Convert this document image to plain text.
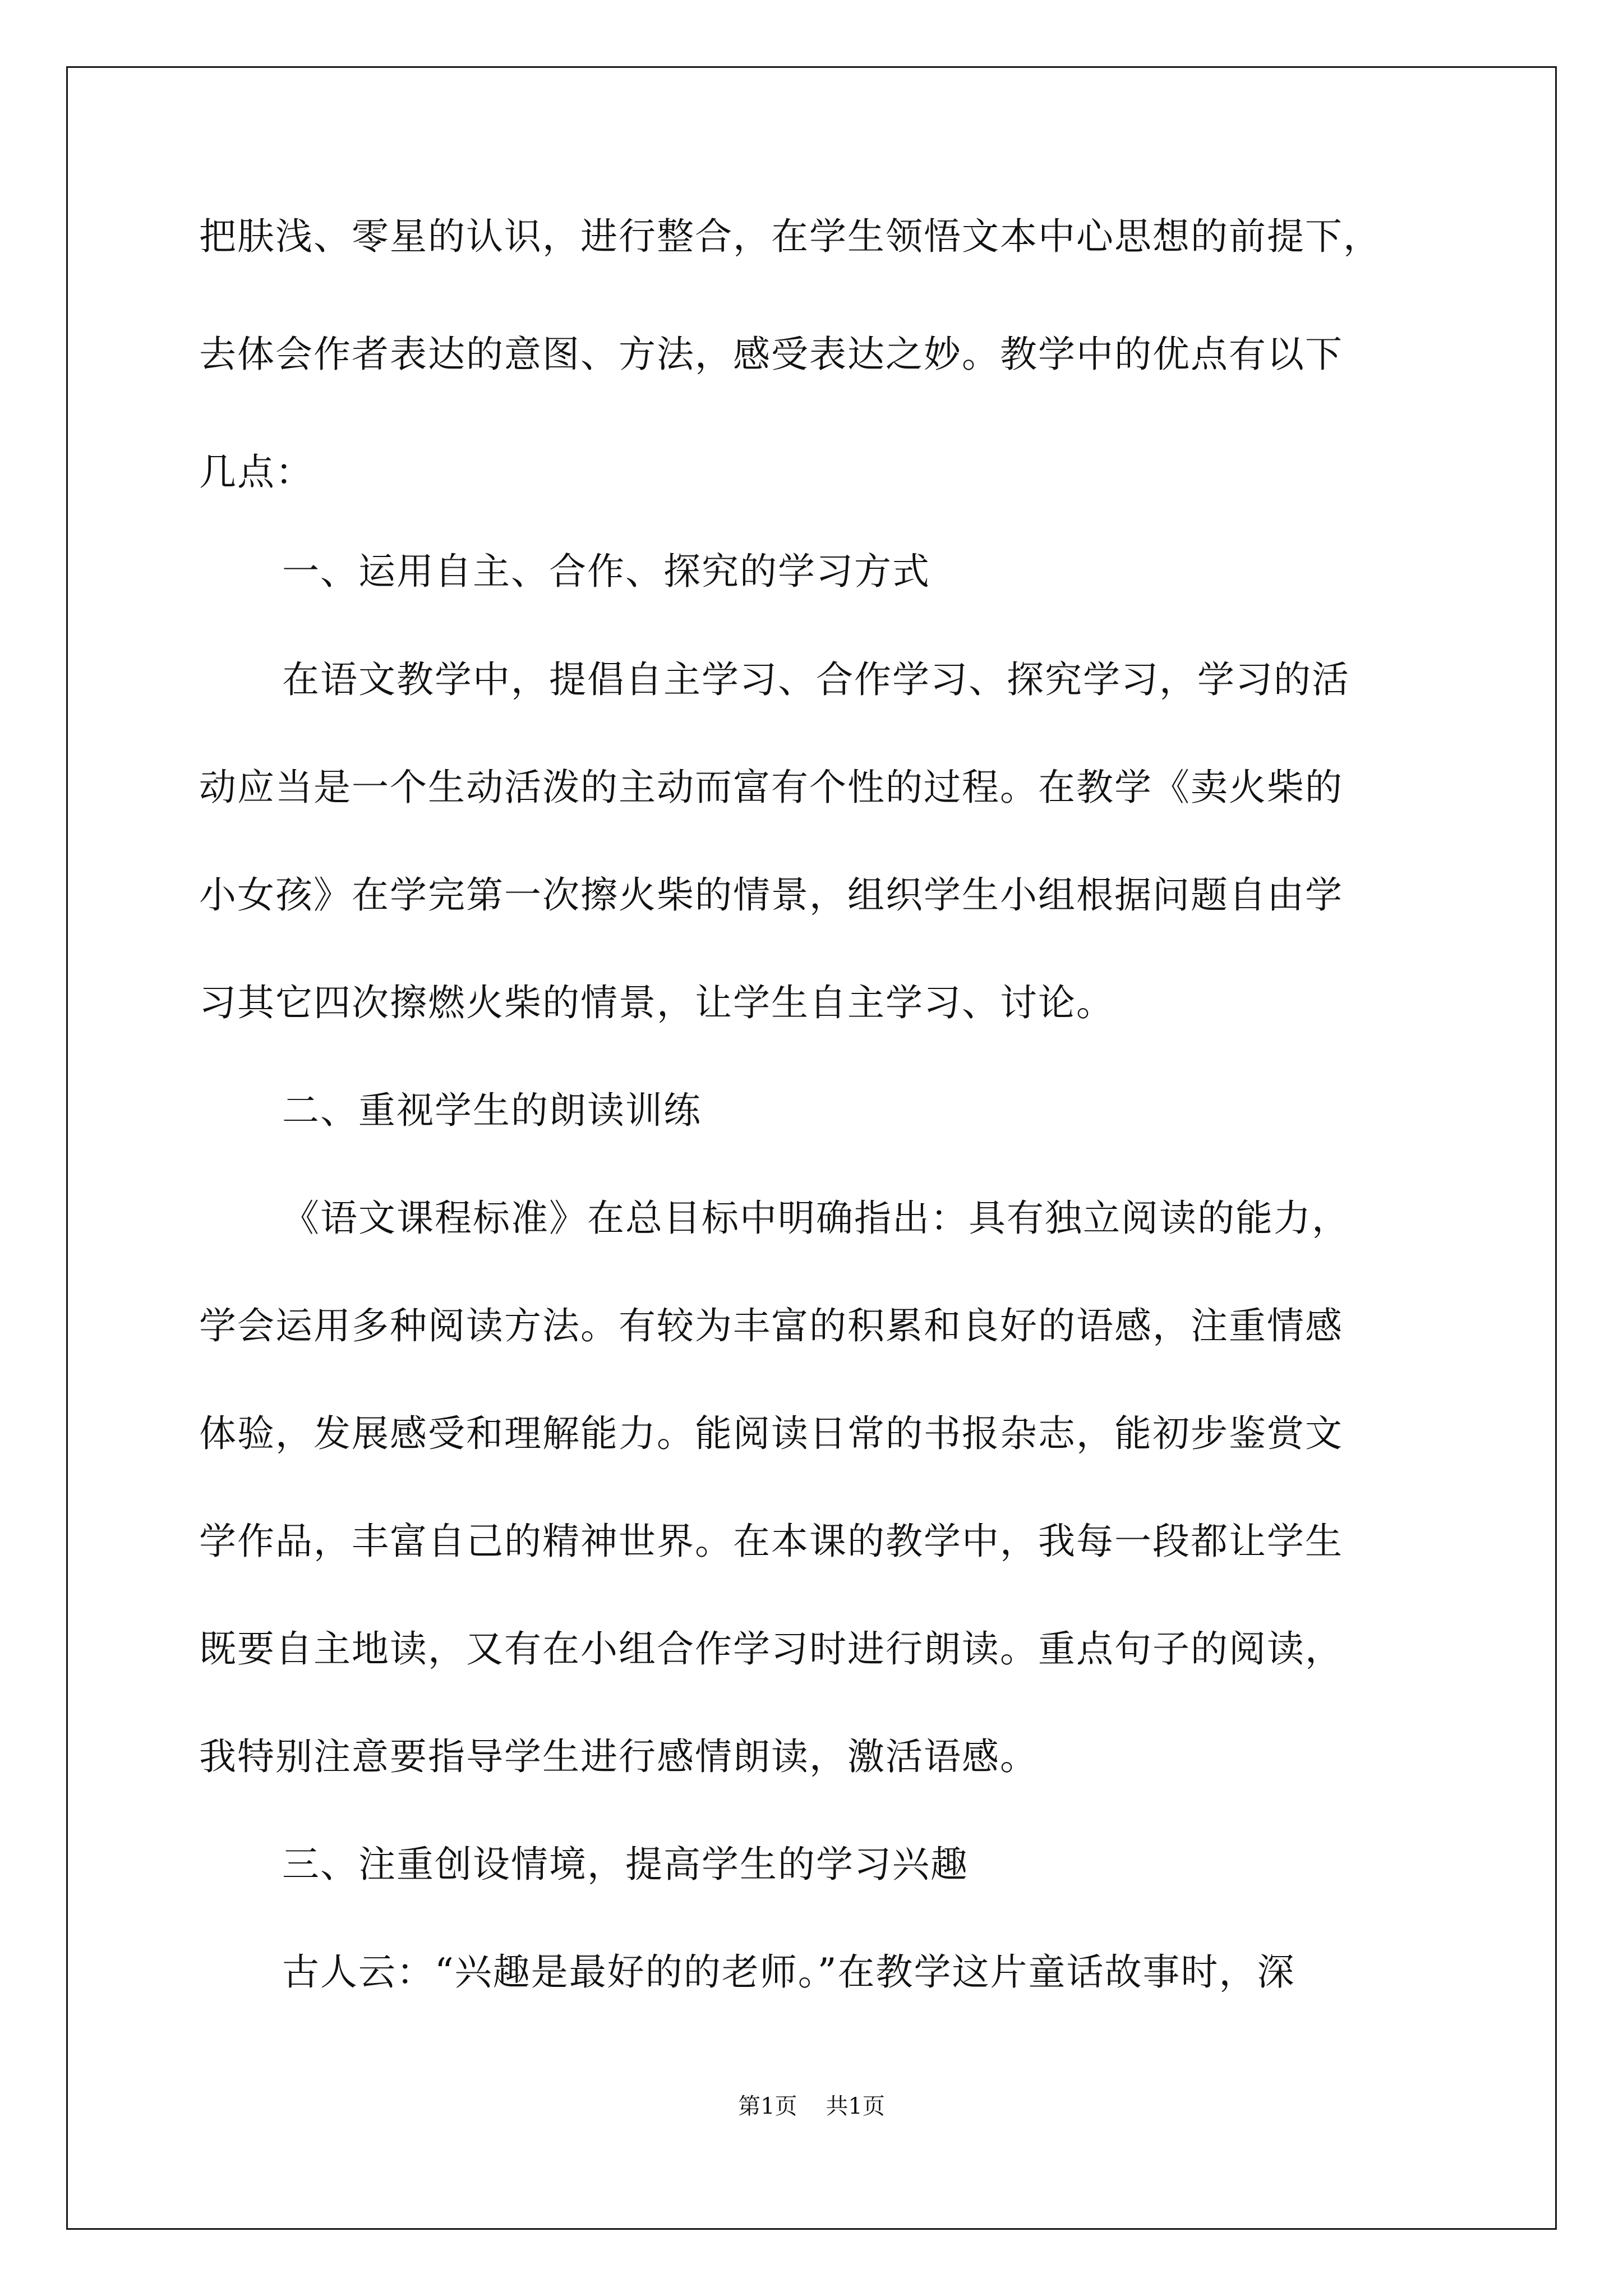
把肤浅、零星的认识，进行整合，在学生领悟文本中心思想的前提下，
去体会作者表达的意图、方法，感受表达之妙。教学中的优点有以下
几点：
一、运用自主、合作、探究的学习方式
在语文教学中，提倡自主学习、合作学习、探究学习，学习的活
动应当是一个生动活泼的主动而富有个性的过程。在教学《卖火柴的
小女孩》在学完第一次擦火柴的情景，组织学生小组根据问题自由学
习其它四次擦燃火柴的情景，让学生自主学习、讨论。
二、重视学生的朗读训练
《语文课程标准》在总目标中明确指出：具有独立阅读的能力，
学会运用多种阅读方法。有较为丰富的积累和良好的语感，注重情感
体验，发展感受和理解能力。能阅读日常的书报杂志，能初步鉴赏文
学作品，丰富自己的精神世界。在本课的教学中，我每一段都让学生
既要自主地读，又有在小组合作学习时进行朗读。重点句子的阅读，
我特别注意要指导学生进行感情朗读，激活语感。
三、注重创设情境，提高学生的学习兴趣
古人云：“兴趣是最好的的老师。”在教学这片童话故事时，深
第1页    共1页
